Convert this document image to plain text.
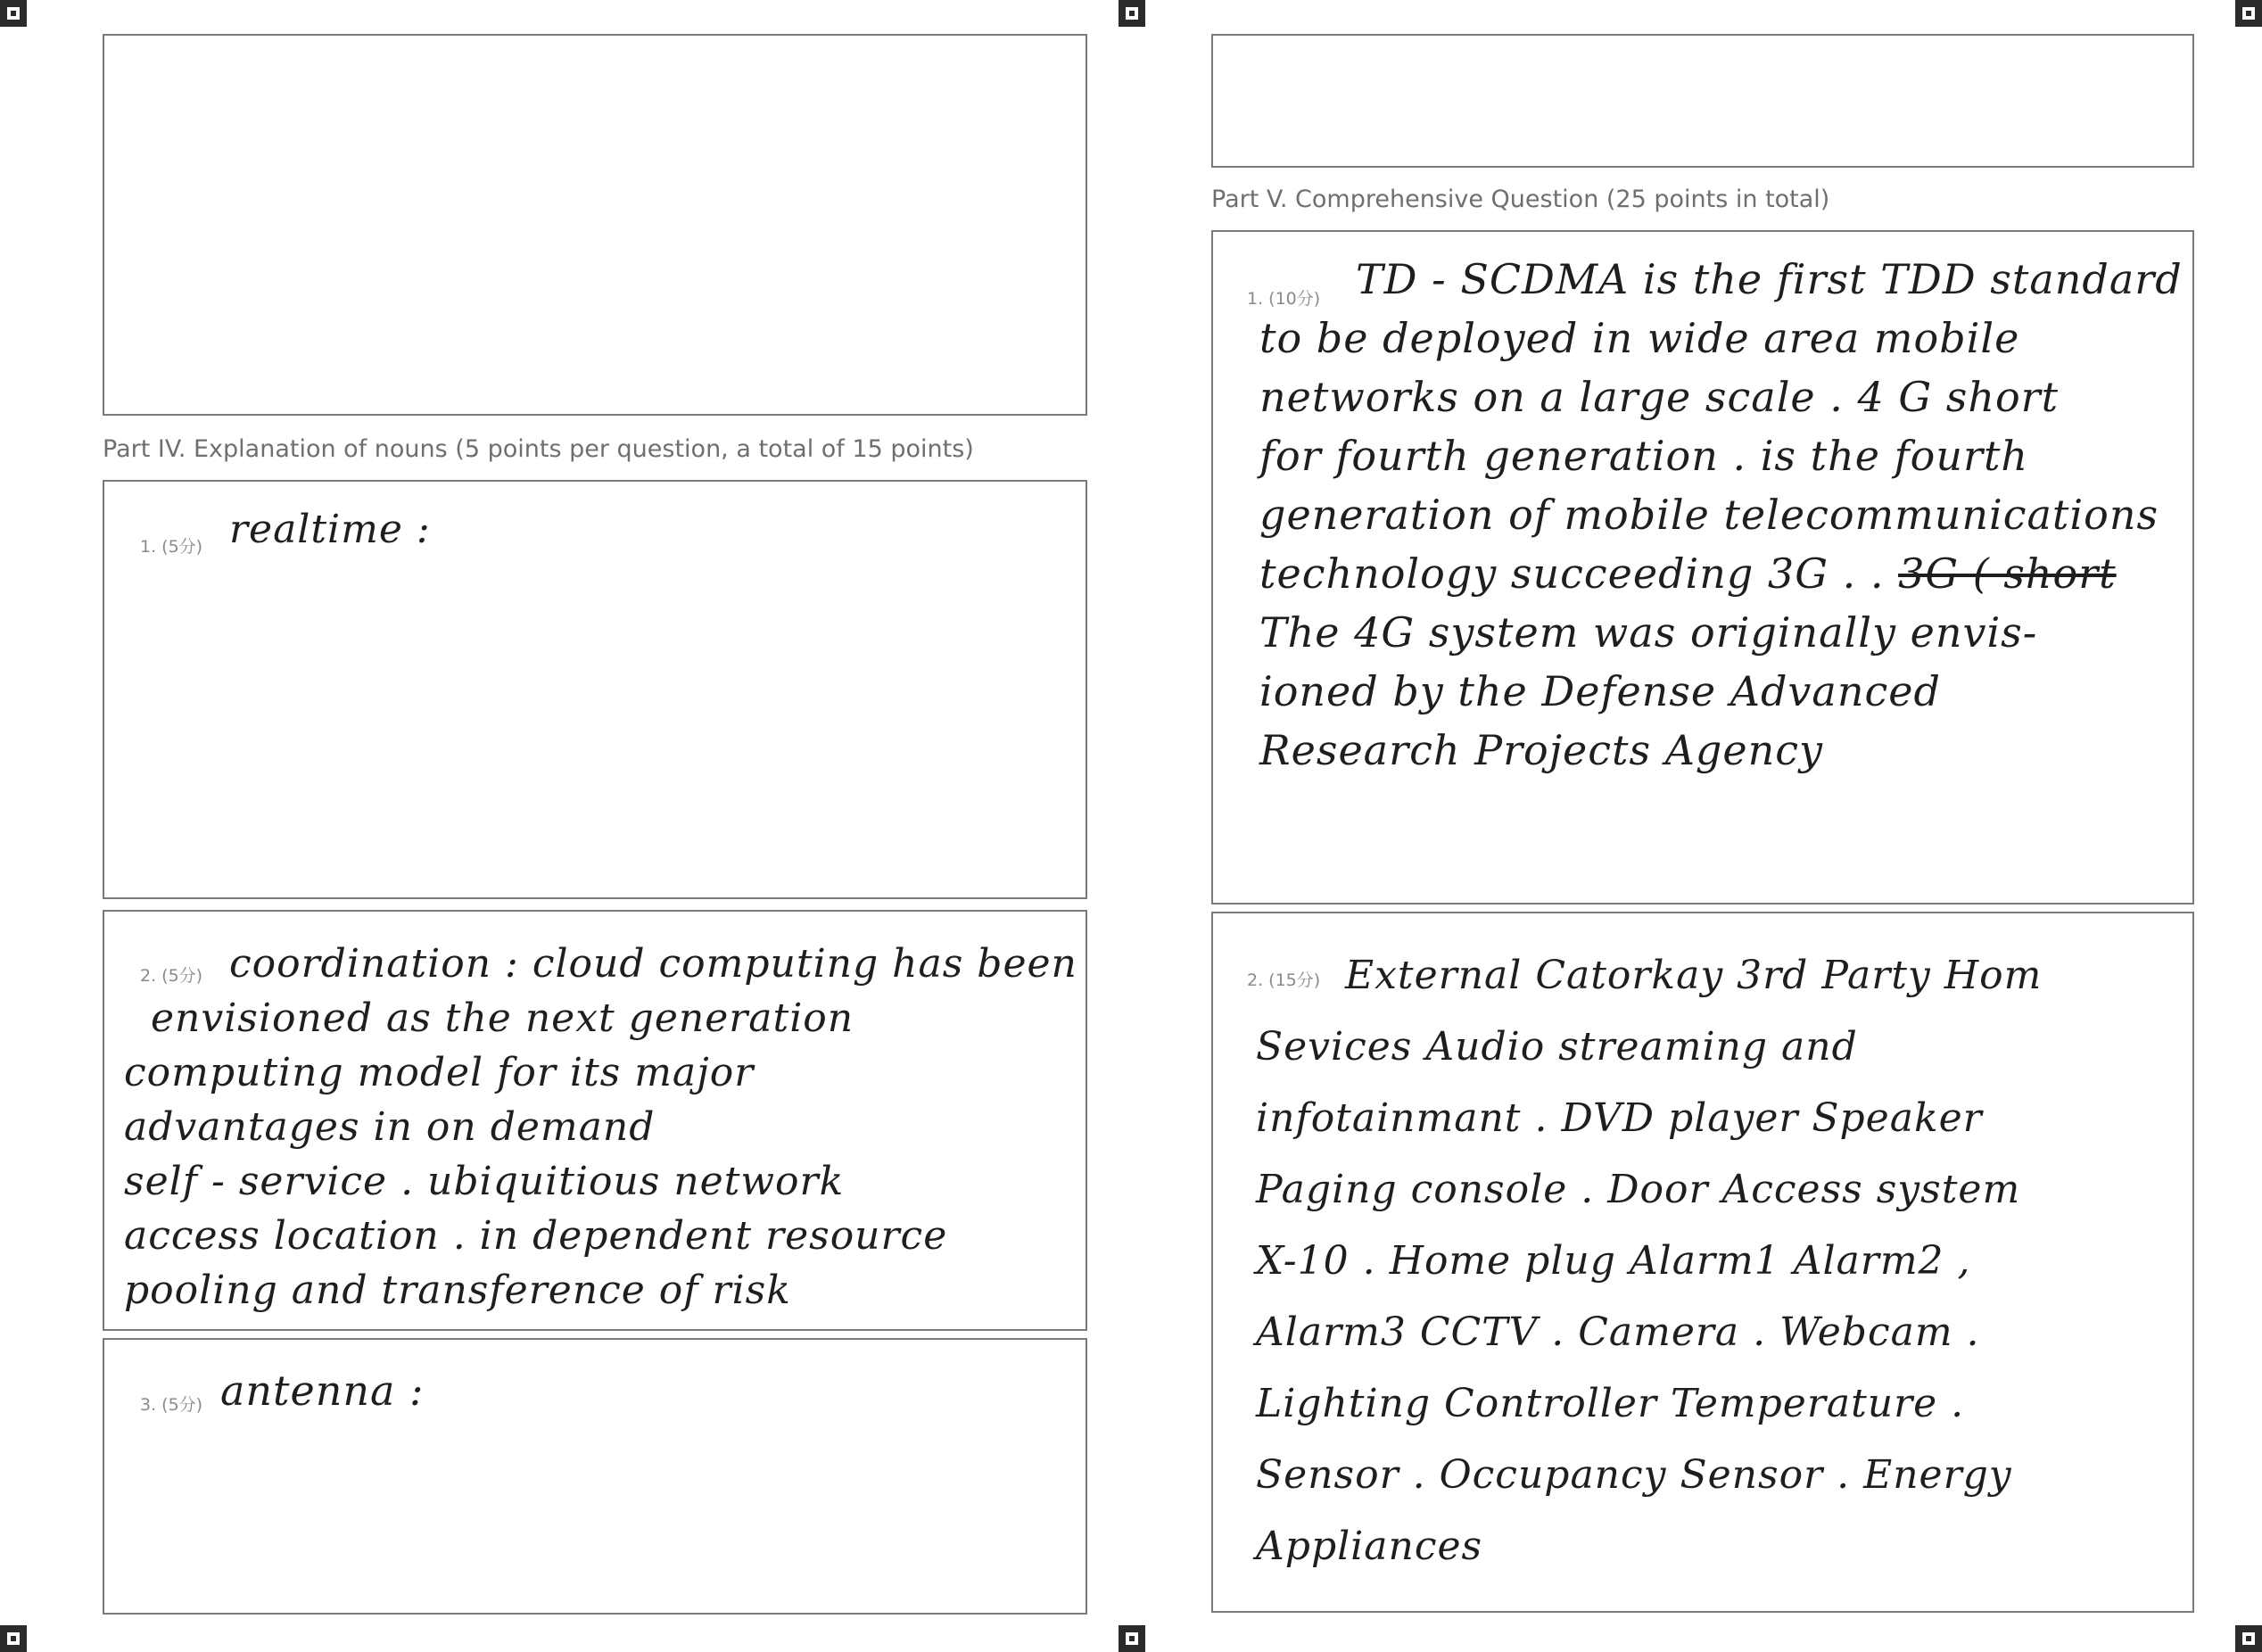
Part IV. Explanation of nouns (5 points per question, a total of 15 points)
1. (5分) realtime :
2. (5分) coordination : cloud computing has been
envisioned as the next generation
computing model for its major
advantages in on demand
self - service . ubiquitious network
access location . in dependent resource
pooling and transference of risk
3. (5分) antenna :
Part V. Comprehensive Question (25 points in total)
1. (10分) TD - SCDMA is the first TDD standard
to be deployed in wide area mobile
networks on a large scale . 4 G short
for fourth generation . is the fourth
generation of mobile telecommunications
technology succeeding 3G . . 3G ( short
The 4G system was originally envis-
ioned by the Defense Advanced
Research Projects Agency
2. (15分) External Catorkay 3rd Party Hom
Sevices Audio streaming and
infotainmant . DVD player Speaker
Paging console . Door Access system
X-10 . Home plug Alarm1 Alarm2 ,
Alarm3 CCTV . Camera . Webcam .
Lighting Controller Temperature .
Sensor . Occupancy Sensor . Energy
Appliances
